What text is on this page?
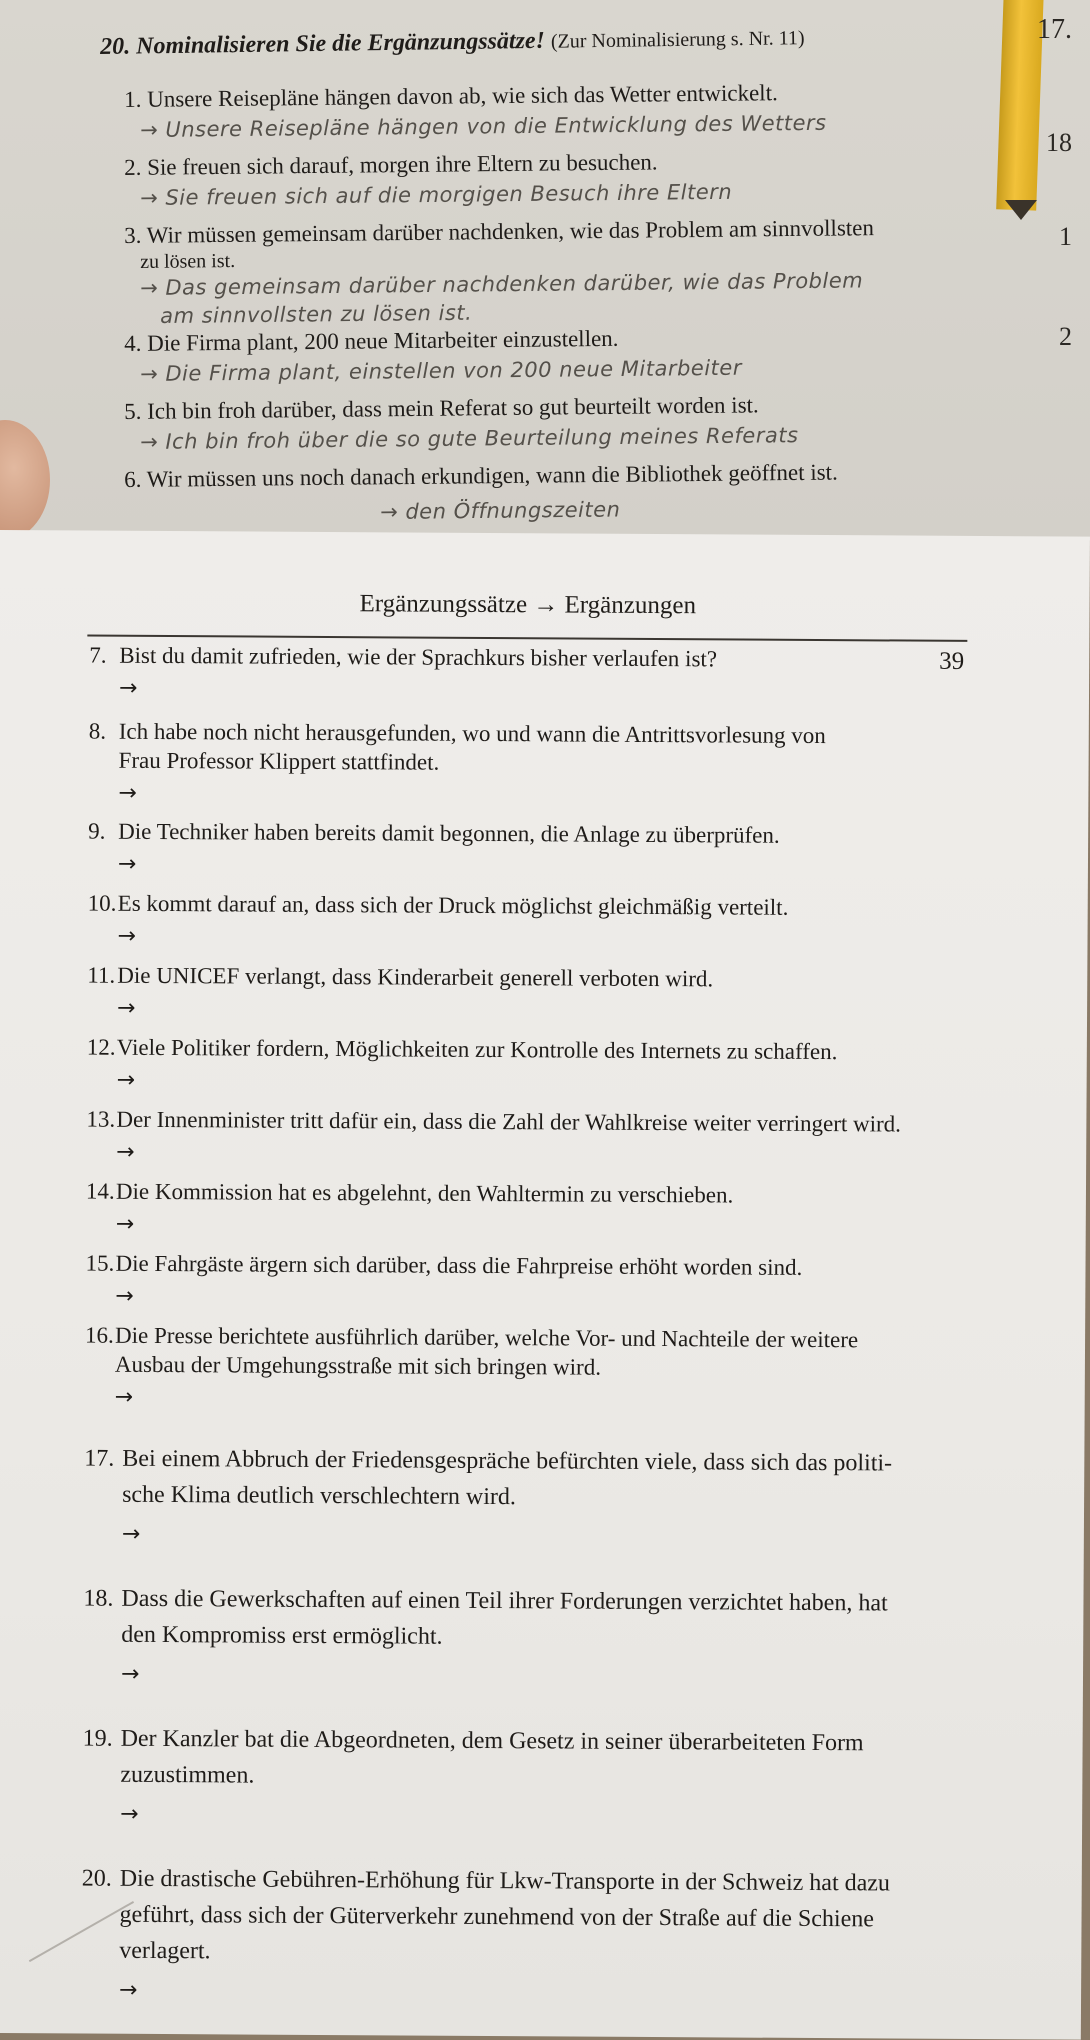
17.
18
1
2
20. Nominalisieren Sie die Ergänzungssätze! (Zur Nominalisierung s. Nr. 11)
1. Unsere Reisepläne hängen davon ab, wie sich das Wetter entwickelt.
→ Unsere Reisepläne hängen von die Entwicklung des Wetters
2. Sie freuen sich darauf, morgen ihre Eltern zu besuchen.
→ Sie freuen sich auf die morgigen Besuch ihre Eltern
3. Wir müssen gemeinsam darüber nachdenken, wie das Problem am sinnvollsten
zu lösen ist.
→ Das gemeinsam darüber nachdenken darüber, wie das Problem
am sinnvollsten zu lösen ist.
4. Die Firma plant, 200 neue Mitarbeiter einzustellen.
→ Die Firma plant, einstellen von 200 neue Mitarbeiter
5. Ich bin froh darüber, dass mein Referat so gut beurteilt worden ist.
→ Ich bin froh über die so gute Beurteilung meines Referats
6. Wir müssen uns noch danach erkundigen, wann die Bibliothek geöffnet ist.
→ den Öffnungszeiten
Ergänzungssätze → Ergänzungen
39
7. Bist du damit zufrieden, wie der Sprachkurs bisher verlaufen ist?
→
8. Ich habe noch nicht herausgefunden, wo und wann die Antrittsvorlesung von
Frau Professor Klippert stattfindet.
→
9. Die Techniker haben bereits damit begonnen, die Anlage zu überprüfen.
→
10.Es kommt darauf an, dass sich der Druck möglichst gleichmäßig verteilt.
→
11.Die UNICEF verlangt, dass Kinderarbeit generell verboten wird.
→
12.Viele Politiker fordern, Möglichkeiten zur Kontrolle des Internets zu schaffen.
→
13.Der Innenminister tritt dafür ein, dass die Zahl der Wahlkreise weiter verringert wird.
→
14.Die Kommission hat es abgelehnt, den Wahltermin zu verschieben.
→
15.Die Fahrgäste ärgern sich darüber, dass die Fahrpreise erhöht worden sind.
→
16.Die Presse berichtete ausführlich darüber, welche Vor- und Nachteile der weitere
Ausbau der Umgehungsstraße mit sich bringen wird.
→
17. Bei einem Abbruch der Friedensgespräche befürchten viele, dass sich das politi-
sche Klima deutlich verschlechtern wird.
→
18. Dass die Gewerkschaften auf einen Teil ihrer Forderungen verzichtet haben, hat
den Kompromiss erst ermöglicht.
→
19. Der Kanzler bat die Abgeordneten, dem Gesetz in seiner überarbeiteten Form
zuzustimmen.
→
20. Die drastische Gebühren-Erhöhung für Lkw-Transporte in der Schweiz hat dazu
geführt, dass sich der Güterverkehr zunehmend von der Straße auf die Schiene
verlagert.
→
